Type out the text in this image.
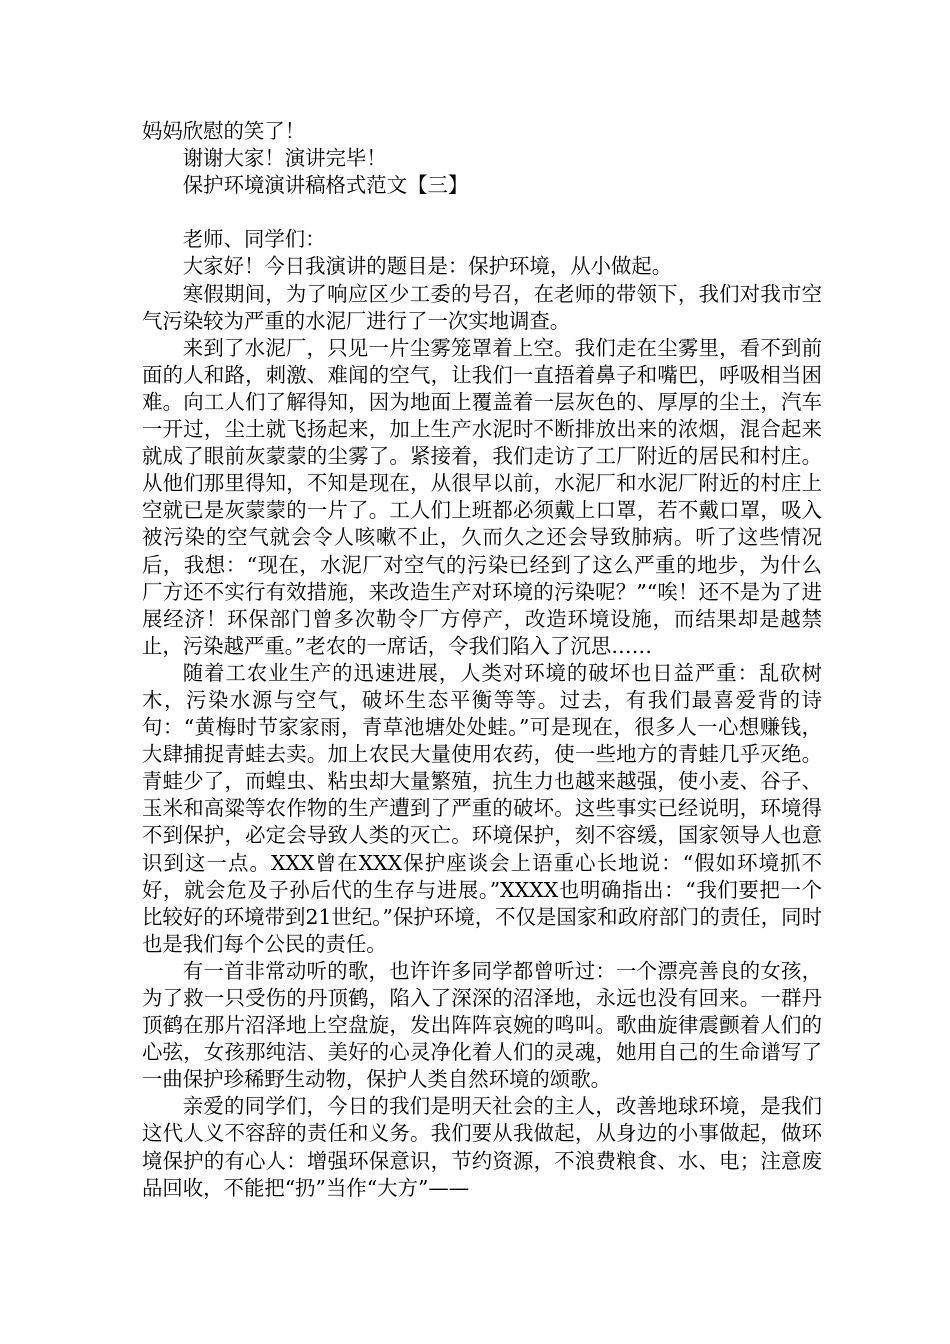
妈妈欣慰的笑了！

谢谢大家！演讲完毕！

保护环境演讲稿格式范文【三】

老师、同学们：

大家好！今日我演讲的题目是：保护环境，从小做起。

寒假期间，为了响应区少工委的号召，在老师的带领下，我们对我市空气污染较为严重的水泥厂进行了一次实地调查。

来到了水泥厂，只见一片尘雾笼罩着上空。我们走在尘雾里，看不到前面的人和路，刺激、难闻的空气，让我们一直捂着鼻子和嘴巴，呼吸相当困难。向工人们了解得知，因为地面上覆盖着一层灰色的、厚厚的尘土，汽车一开过，尘土就飞扬起来，加上生产水泥时不断排放出来的浓烟，混合起来就成了眼前灰蒙蒙的尘雾了。紧接着，我们走访了工厂附近的居民和村庄。从他们那里得知，不知是现在，从很早以前，水泥厂和水泥厂附近的村庄上空就已是灰蒙蒙的一片了。工人们上班都必须戴上口罩，若不戴口罩，吸入被污染的空气就会令人咳嗽不止，久而久之还会导致肺病。听了这些情况后，我想：“现在，水泥厂对空气的污染已经到了这么严重的地步，为什么厂方还不实行有效措施，来改造生产对环境的污染呢？”“唉！还不是为了进展经济！环保部门曾多次勒令厂方停产，改造环境设施，而结果却是越禁止，污染越严重。”老农的一席话，令我们陷入了沉思……

随着工农业生产的迅速进展，人类对环境的破坏也日益严重：乱砍树木，污染水源与空气，破坏生态平衡等等。过去，有我们最喜爱背的诗句：“黄梅时节家家雨，青草池塘处处蛙。”可是现在，很多人一心想赚钱，大肆捕捉青蛙去卖。加上农民大量使用农药，使一些地方的青蛙几乎灭绝。青蛙少了，而蝗虫、粘虫却大量繁殖，抗生力也越来越强，使小麦、谷子、玉米和高粱等农作物的生产遭到了严重的破坏。这些事实已经说明，环境得不到保护，必定会导致人类的灭亡。环境保护，刻不容缓，国家领导人也意识到这一点。XXX曾在XXX保护座谈会上语重心长地说：“假如环境抓不好，就会危及子孙后代的生存与进展。”XXXX也明确指出：“我们要把一个比较好的环境带到21世纪。”保护环境，不仅是国家和政府部门的责任，同时也是我们每个公民的责任。

有一首非常动听的歌，也许许多同学都曾听过：一个漂亮善良的女孩，为了救一只受伤的丹顶鹤，陷入了深深的沼泽地，永远也没有回来。一群丹顶鹤在那片沼泽地上空盘旋，发出阵阵哀婉的鸣叫。歌曲旋律震颤着人们的心弦，女孩那纯洁、美好的心灵净化着人们的灵魂，她用自己的生命谱写了一曲保护珍稀野生动物，保护人类自然环境的颂歌。

亲爱的同学们，今日的我们是明天社会的主人，改善地球环境，是我们这代人义不容辞的责任和义务。我们要从我做起，从身边的小事做起，做环境保护的有心人：增强环保意识，节约资源，不浪费粮食、水、电；注意废品回收，不能把“扔”当作“大方”——
